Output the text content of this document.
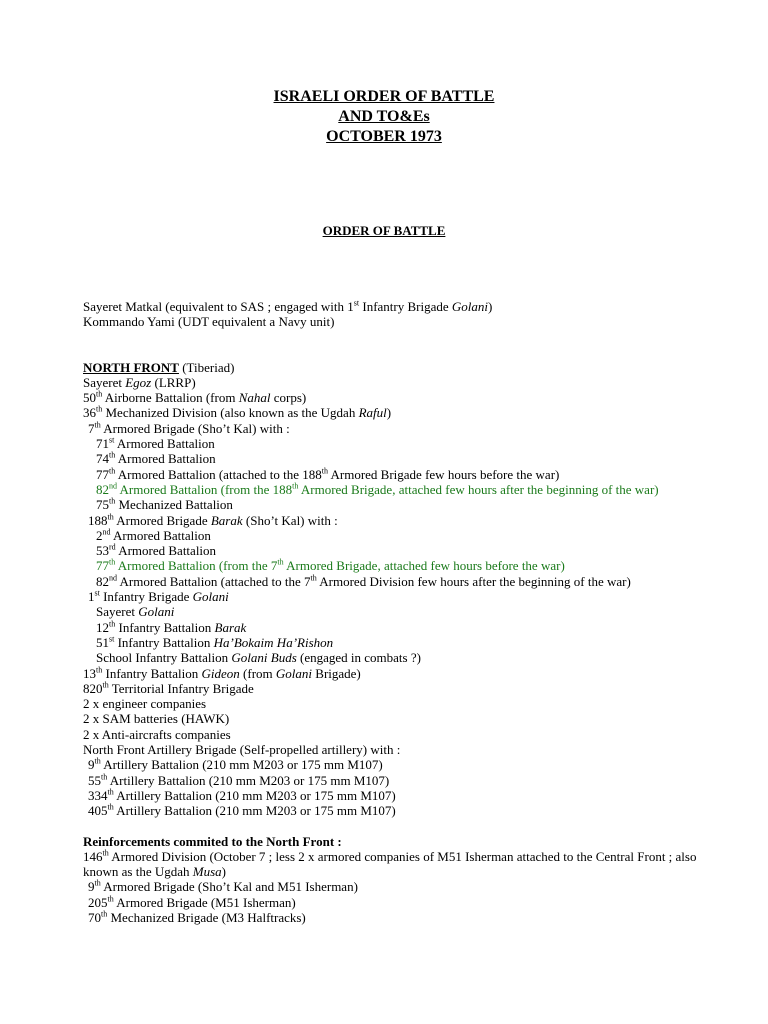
ISRAELI ORDER OF BATTLE
AND TO&Es
OCTOBER 1973
ORDER OF BATTLE
Sayeret Matkal (equivalent to SAS ; engaged with 1st Infantry Brigade Golani)
Kommando Yami (UDT equivalent a Navy unit)
NORTH FRONT (Tiberiad)
Sayeret Egoz (LRRP)
50th Airborne Battalion (from Nahal corps)
36th Mechanized Division (also known as the Ugdah Raful)
7th Armored Brigade (Sho’t Kal) with :
71st Armored Battalion
74th Armored Battalion
77th Armored Battalion (attached to the 188th Armored Brigade few hours before the war)
82nd Armored Battalion (from the 188th Armored Brigade, attached few hours after the beginning of the war)
75th Mechanized Battalion
188th Armored Brigade Barak (Sho’t Kal) with :
2nd Armored Battalion
53rd Armored Battalion
77th Armored Battalion (from the 7th Armored Brigade, attached few hours before the war)
82nd Armored Battalion (attached to the 7th Armored Division few hours after the beginning of the war)
1st Infantry Brigade Golani
Sayeret Golani
12th Infantry Battalion Barak
51st Infantry Battalion Ha’Bokaim Ha’Rishon
School Infantry Battalion Golani Buds (engaged in combats ?)
13th Infantry Battalion Gideon (from Golani Brigade)
820th Territorial Infantry Brigade
2 x engineer companies
2 x SAM batteries (HAWK)
2 x Anti-aircrafts companies
North Front Artillery Brigade (Self-propelled artillery) with :
9th Artillery Battalion (210 mm M203 or 175 mm M107)
55th Artillery Battalion (210 mm M203 or 175 mm M107)
334th Artillery Battalion (210 mm M203 or 175 mm M107)
405th Artillery Battalion (210 mm M203 or 175 mm M107)
Reinforcements commited to the North Front :
146th Armored Division (October 7 ; less 2 x armored companies of M51 Isherman attached to the Central Front ; also known as the Ugdah Musa)
9th Armored Brigade (Sho’t Kal and M51 Isherman)
205th Armored Brigade (M51 Isherman)
70th Mechanized Brigade (M3 Halftracks)
